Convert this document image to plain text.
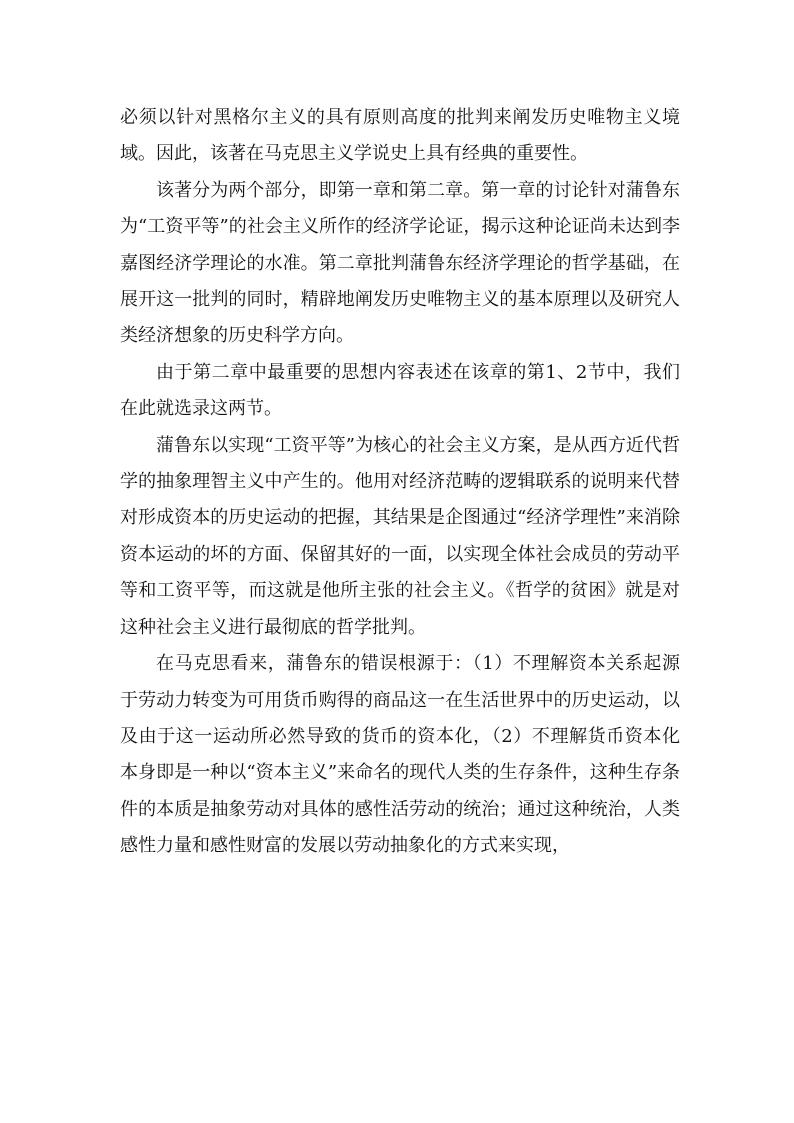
必须以针对黑格尔主义的具有原则高度的批判来阐发历史唯物主义境域。因此，该著在马克思主义学说史上具有经典的重要性。

该著分为两个部分，即第一章和第二章。第一章的讨论针对蒲鲁东为“工资平等”的社会主义所作的经济学论证，揭示这种论证尚未达到李嘉图经济学理论的水准。第二章批判蒲鲁东经济学理论的哲学基础，在展开这一批判的同时，精辟地阐发历史唯物主义的基本原理以及研究人类经济想象的历史科学方向。

由于第二章中最重要的思想内容表述在该章的第1、2节中，我们在此就选录这两节。

蒲鲁东以实现“工资平等”为核心的社会主义方案，是从西方近代哲学的抽象理智主义中产生的。他用对经济范畴的逻辑联系的说明来代替对形成资本的历史运动的把握，其结果是企图通过“经济学理性”来消除资本运动的坏的方面、保留其好的一面，以实现全体社会成员的劳动平等和工资平等，而这就是他所主张的社会主义。《哲学的贫困》就是对这种社会主义进行最彻底的哲学批判。

在马克思看来，蒲鲁东的错误根源于：（1）不理解资本关系起源于劳动力转变为可用货币购得的商品这一在生活世界中的历史运动，以及由于这一运动所必然导致的货币的资本化，（2）不理解货币资本化本身即是一种以“资本主义”来命名的现代人类的生存条件，这种生存条件的本质是抽象劳动对具体的感性活劳动的统治；通过这种统治，人类感性力量和感性财富的发展以劳动抽象化的方式来实现，
